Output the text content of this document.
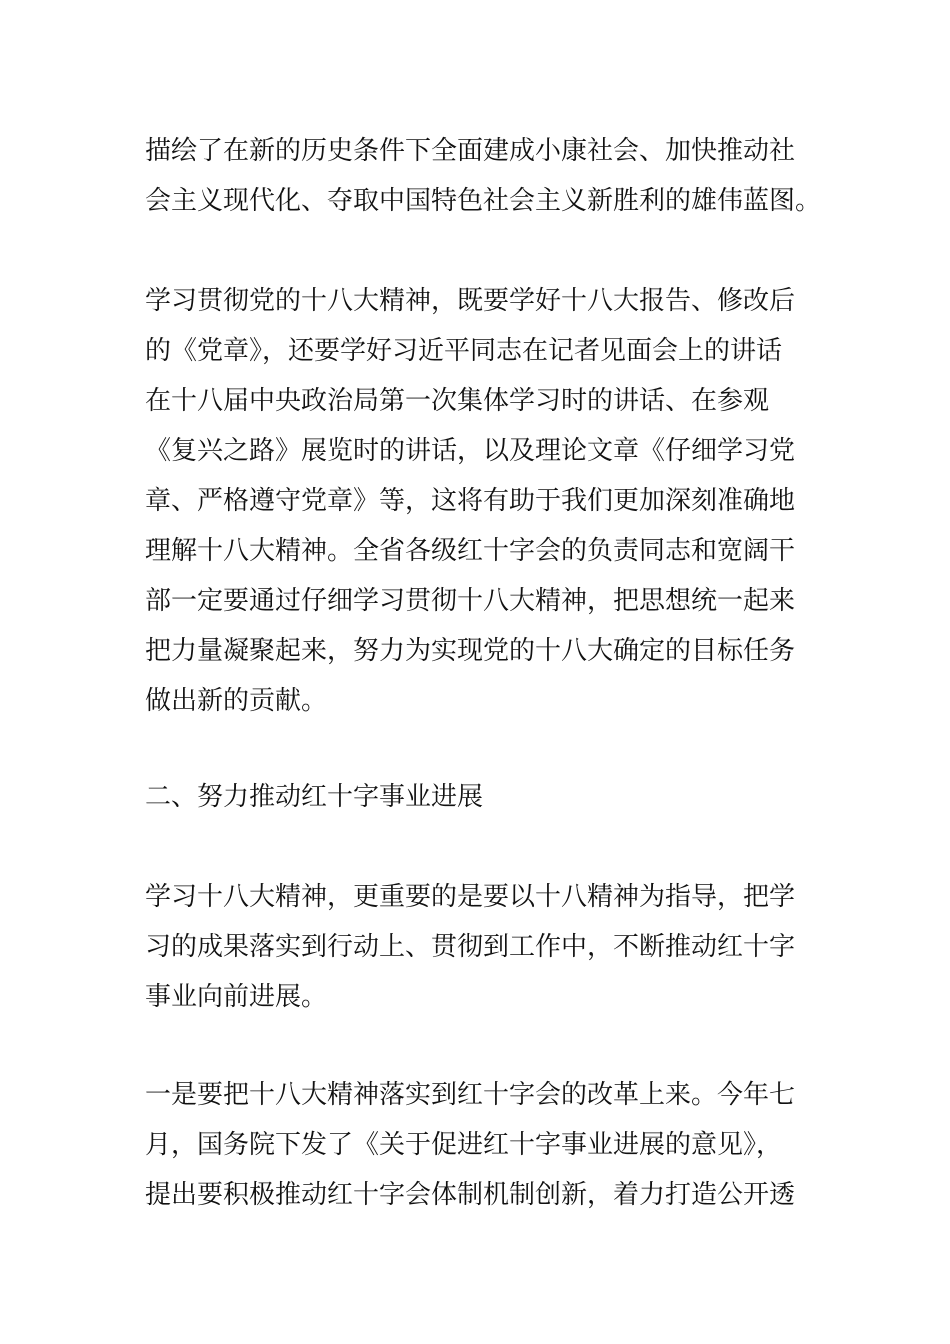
描绘了在新的历史条件下全面建成小康社会、加快推动社
会主义现代化、夺取中国特色社会主义新胜利的雄伟蓝图。
学习贯彻党的十八大精神，既要学好十八大报告、修改后
的《党章》，还要学好习近平同志在记者见面会上的讲话
在十八届中央政治局第一次集体学习时的讲话、在参观
《复兴之路》展览时的讲话，以及理论文章《仔细学习党
章、严格遵守党章》等，这将有助于我们更加深刻准确地
理解十八大精神。全省各级红十字会的负责同志和宽阔干
部一定要通过仔细学习贯彻十八大精神，把思想统一起来
把力量凝聚起来，努力为实现党的十八大确定的目标任务
做出新的贡献。
二、努力推动红十字事业进展
学习十八大精神，更重要的是要以十八精神为指导，把学
习的成果落实到行动上、贯彻到工作中，不断推动红十字
事业向前进展。
一是要把十八大精神落实到红十字会的改革上来。今年七
月，国务院下发了《关于促进红十字事业进展的意见》，
提出要积极推动红十字会体制机制创新，着力打造公开透
